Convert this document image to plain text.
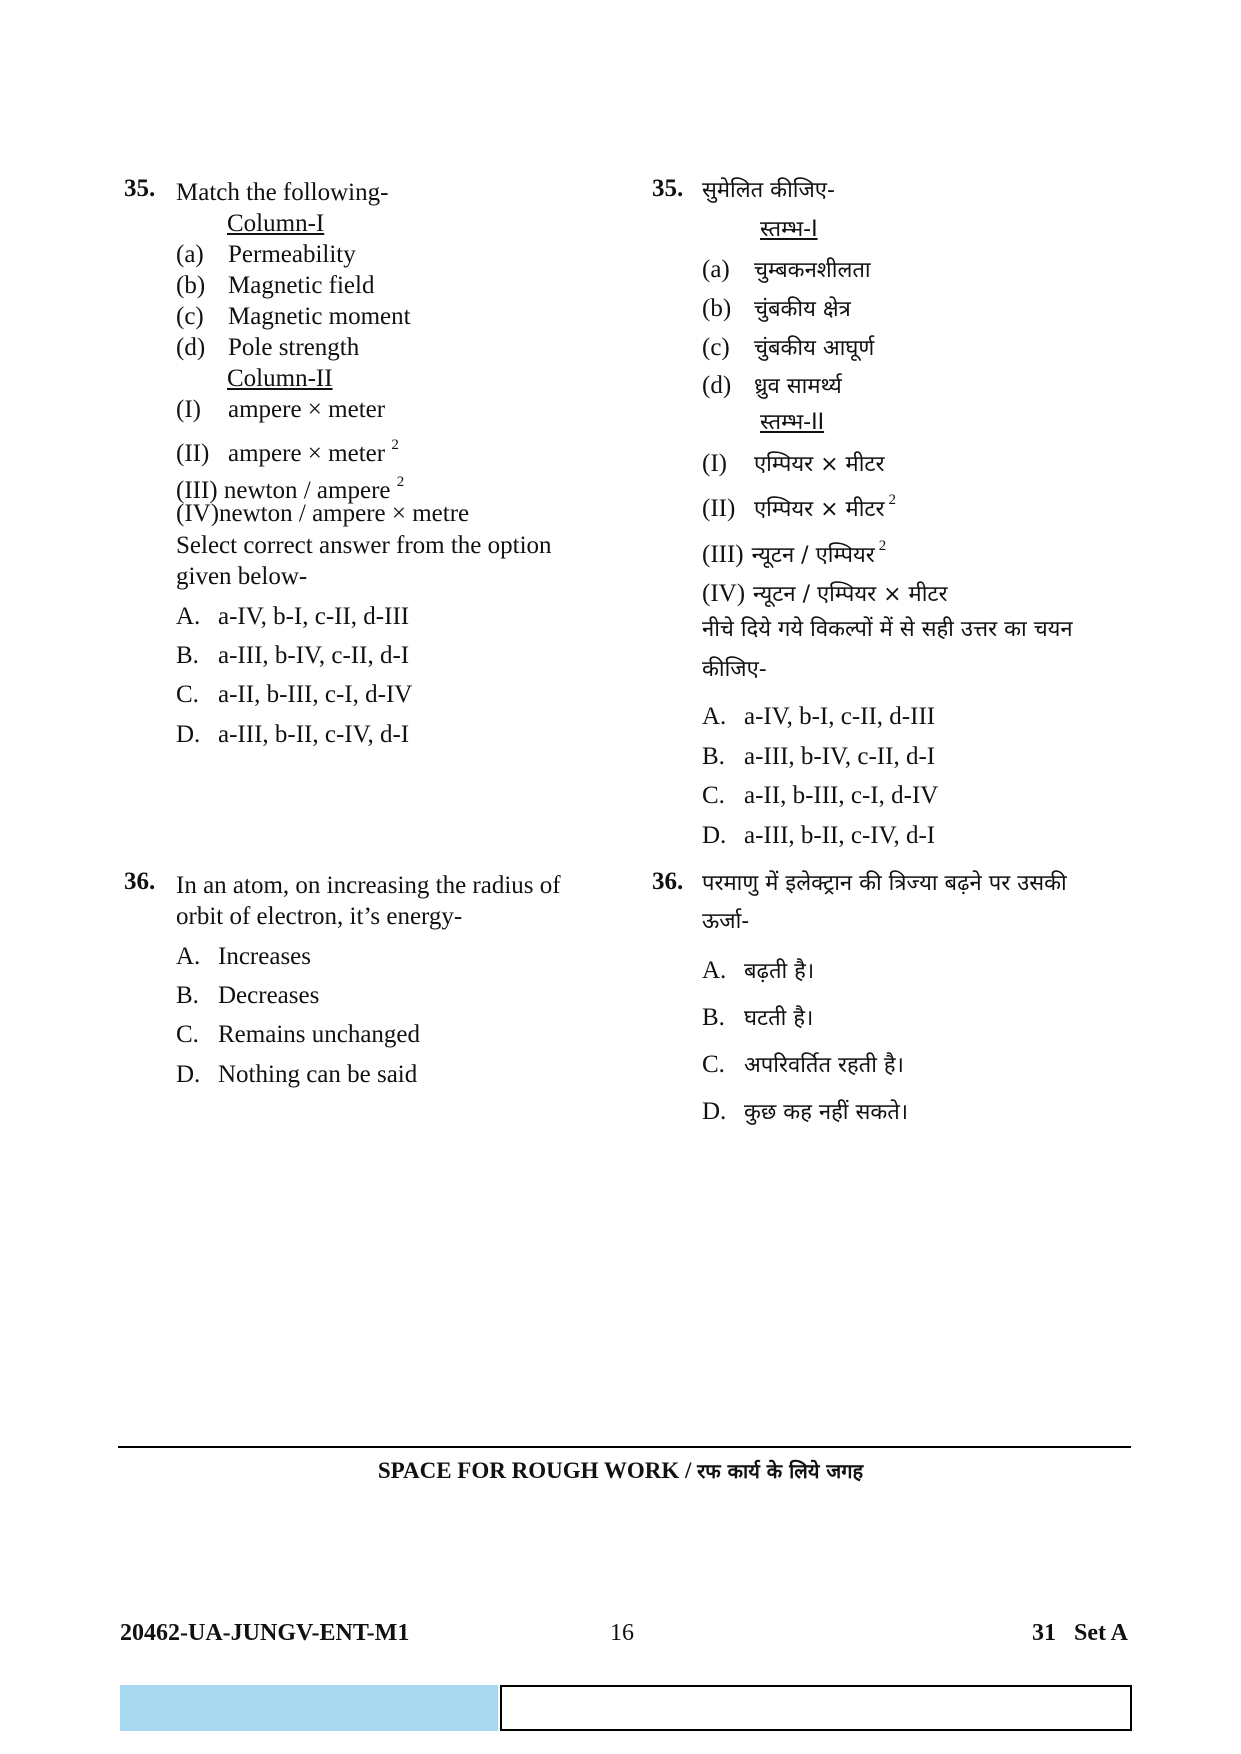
35. Match the following-
Column-I
(a) Permeability
(b) Magnetic field
(c) Magnetic moment
(d) Pole strength
Column-II
(I) ampere × meter
(II) ampere × meter $^2$
(III) newton / ampere $^2$
(IV)newton / ampere × metre
Select correct answer from the option
given below-
A. a-IV, b-I, c-II, d-III
B. a-III, b-IV, c-II, d-I
C. a-II, b-III, c-I, d-IV
D. a-III, b-II, c-IV, d-I
35. सुमेलित कीजिए-
स्तम्भ-I
(a) चुम्बकनशीलता
(b) चुंबकीय क्षेत्र
(c) चुंबकीय आघूर्ण
(d) ध्रुव सामर्थ्य
स्तम्भ-II
(I) एम्पियर × मीटर
(II) एम्पियर × मीटर $^2$
(III) न्यूटन / एम्पियर $^2$
(IV) न्यूटन / एम्पियर × मीटर
नीचे दिये गये विकल्पों में से सही उत्तर का चयन
कीजिए-
A. a-IV, b-I, c-II, d-III
B. a-III, b-IV, c-II, d-I
C. a-II, b-III, c-I, d-IV
D. a-III, b-II, c-IV, d-I
36. In an atom, on increasing the radius of
orbit of electron, it’s energy-
A. Increases
B. Decreases
C. Remains unchanged
D. Nothing can be said
36. परमाणु में इलेक्ट्रान की त्रिज्या बढ़ने पर उसकी
ऊर्जा-
A. बढ़ती है।
B. घटती है।
C. अपरिवर्तित रहती है।
D. कुछ कह नहीं सकते।
SPACE FOR ROUGH WORK / रफ कार्य के लिये जगह
20462-UA-JUNGV-ENT-M1	16	31   Set A
